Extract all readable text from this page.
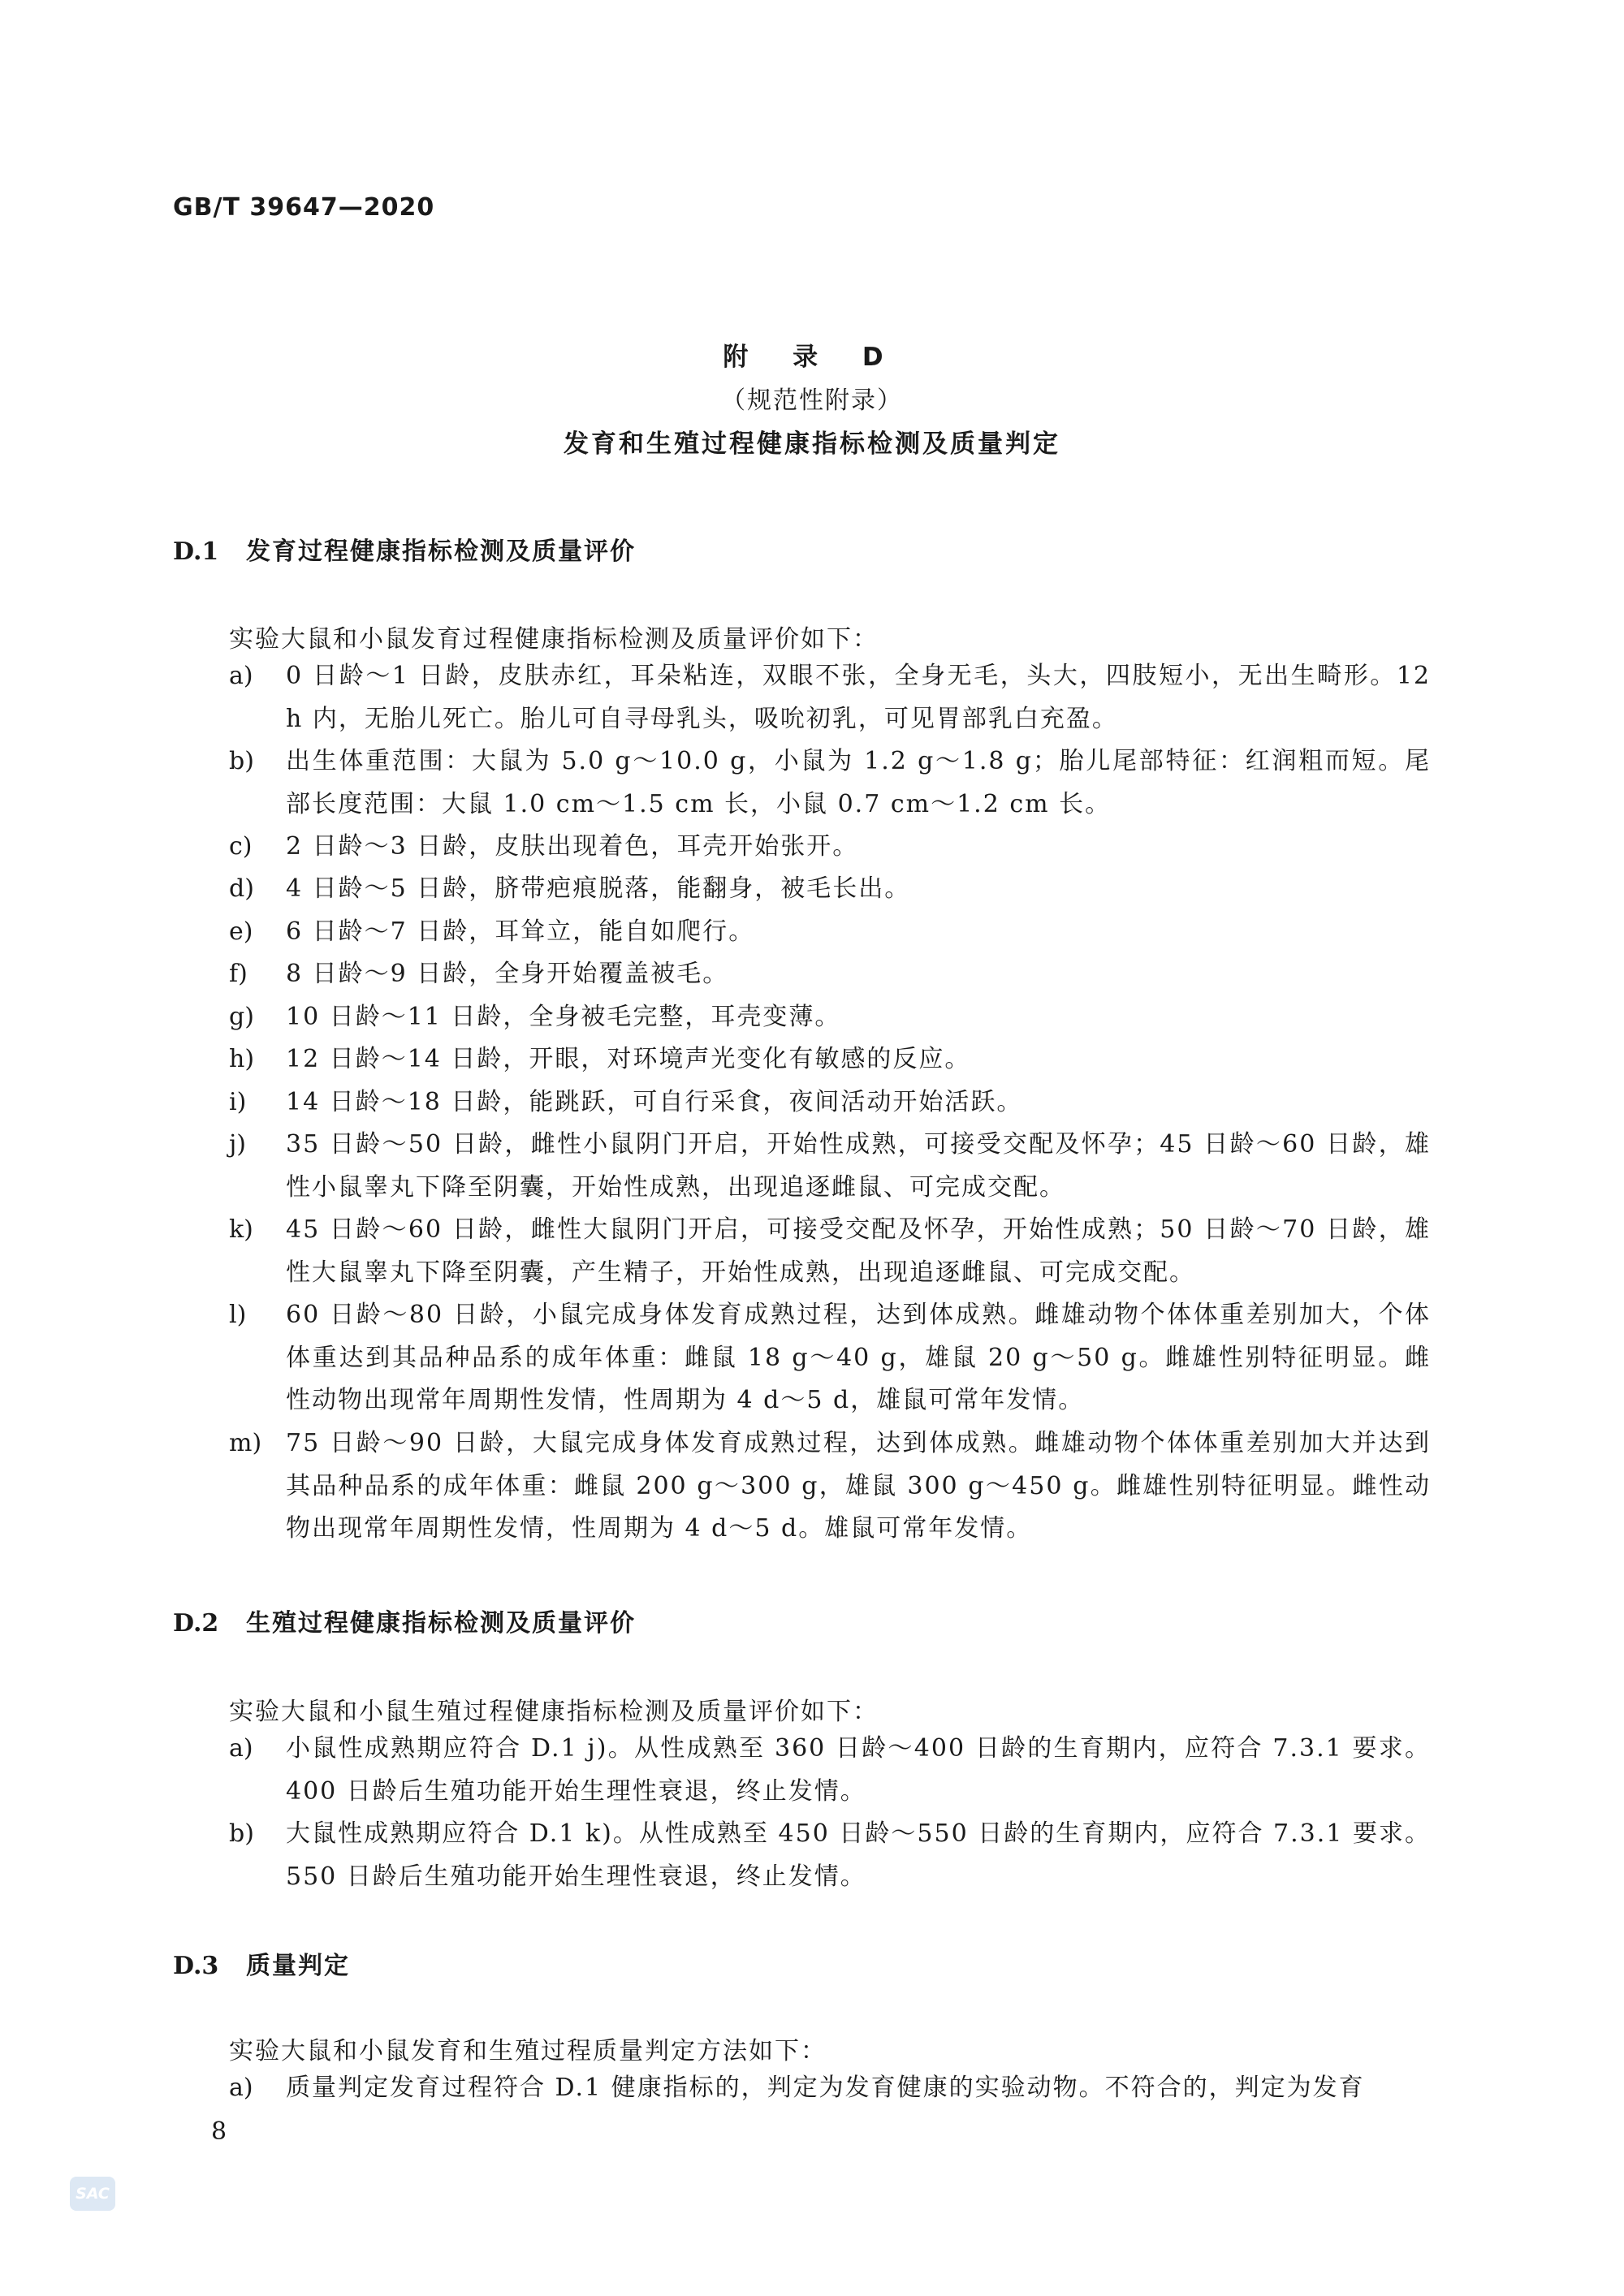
GB/T 39647—2020
附 录 D
（规范性附录）
发育和生殖过程健康指标检测及质量判定
D.1 发育过程健康指标检测及质量评价
实验大鼠和小鼠发育过程健康指标检测及质量评价如下：
a) 0 日龄～1 日龄，皮肤赤红，耳朵粘连，双眼不张，全身无毛，头大，四肢短小，无出生畸形。12 h 内，无胎儿死亡。胎儿可自寻母乳头，吸吮初乳，可见胃部乳白充盈。
b) 出生体重范围：大鼠为 5.0 g～10.0 g，小鼠为 1.2 g～1.8 g；胎儿尾部特征：红润粗而短。尾部长度范围：大鼠 1.0 cm～1.5 cm 长，小鼠 0.7 cm～1.2 cm 长。
c) 2 日龄～3 日龄，皮肤出现着色，耳壳开始张开。
d) 4 日龄～5 日龄，脐带疤痕脱落，能翻身，被毛长出。
e) 6 日龄～7 日龄，耳耸立，能自如爬行。
f) 8 日龄～9 日龄，全身开始覆盖被毛。
g) 10 日龄～11 日龄，全身被毛完整，耳壳变薄。
h) 12 日龄～14 日龄，开眼，对环境声光变化有敏感的反应。
i) 14 日龄～18 日龄，能跳跃，可自行采食，夜间活动开始活跃。
j) 35 日龄～50 日龄，雌性小鼠阴门开启，开始性成熟，可接受交配及怀孕；45 日龄～60 日龄，雄性小鼠睾丸下降至阴囊，开始性成熟，出现追逐雌鼠、可完成交配。
k) 45 日龄～60 日龄，雌性大鼠阴门开启，可接受交配及怀孕，开始性成熟；50 日龄～70 日龄，雄性大鼠睾丸下降至阴囊，产生精子，开始性成熟，出现追逐雌鼠、可完成交配。
l) 60 日龄～80 日龄，小鼠完成身体发育成熟过程，达到体成熟。雌雄动物个体体重差别加大，个体体重达到其品种品系的成年体重：雌鼠 18 g～40 g，雄鼠 20 g～50 g。雌雄性别特征明显。雌性动物出现常年周期性发情，性周期为 4 d～5 d，雄鼠可常年发情。
m) 75 日龄～90 日龄，大鼠完成身体发育成熟过程，达到体成熟。雌雄动物个体体重差别加大并达到其品种品系的成年体重：雌鼠 200 g～300 g，雄鼠 300 g～450 g。雌雄性别特征明显。雌性动物出现常年周期性发情，性周期为 4 d～5 d。雄鼠可常年发情。
D.2 生殖过程健康指标检测及质量评价
实验大鼠和小鼠生殖过程健康指标检测及质量评价如下：
a) 小鼠性成熟期应符合 D.1 j)。从性成熟至 360 日龄～400 日龄的生育期内，应符合 7.3.1 要求。400 日龄后生殖功能开始生理性衰退，终止发情。
b) 大鼠性成熟期应符合 D.1 k)。从性成熟至 450 日龄～550 日龄的生育期内，应符合 7.3.1 要求。550 日龄后生殖功能开始生理性衰退，终止发情。
D.3 质量判定
实验大鼠和小鼠发育和生殖过程质量判定方法如下：
a) 质量判定发育过程符合 D.1 健康指标的，判定为发育健康的实验动物。不符合的，判定为发育
8
SAC
